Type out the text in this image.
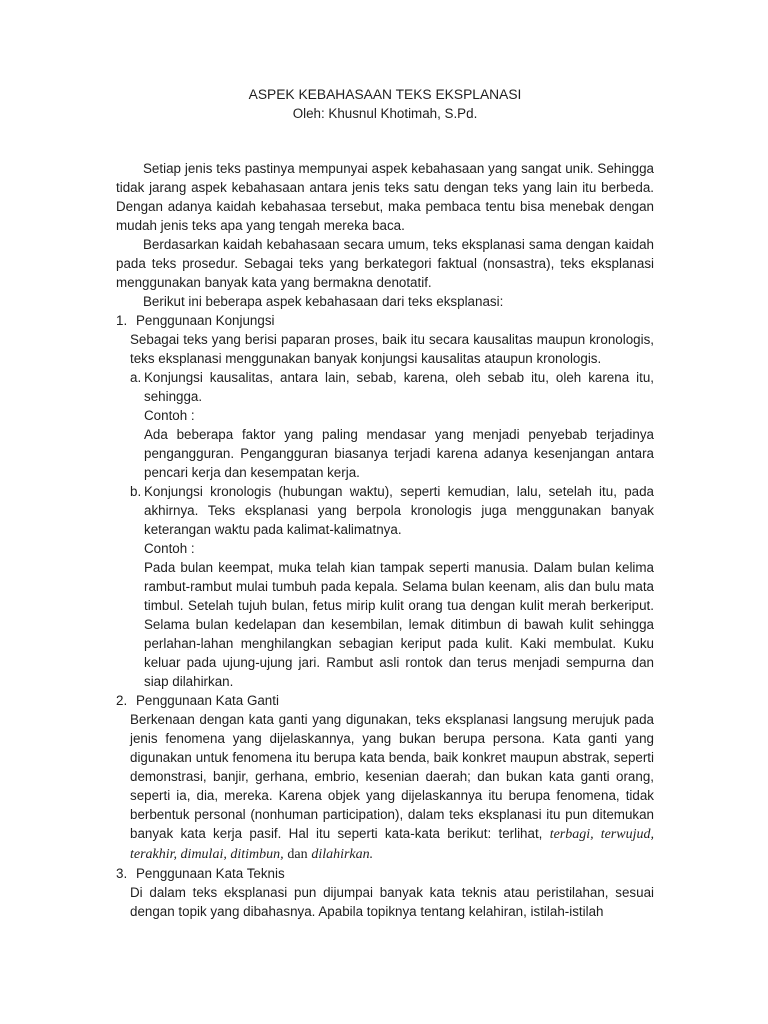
ASPEK KEBAHASAAN TEKS EKSPLANASI

Oleh: Khusnul Khotimah, S.Pd.

Setiap jenis teks pastinya mempunyai aspek kebahasaan yang sangat unik. Sehingga tidak jarang aspek kebahasaan antara jenis teks satu dengan teks yang lain itu berbeda. Dengan adanya kaidah kebahasaa tersebut, maka pembaca tentu bisa menebak dengan mudah jenis teks apa yang tengah mereka baca.

Berdasarkan kaidah kebahasaan secara umum, teks eksplanasi sama dengan kaidah pada teks prosedur. Sebagai teks yang berkategori faktual (nonsastra), teks eksplanasi menggunakan banyak kata yang bermakna denotatif.

Berikut ini beberapa aspek kebahasaan dari teks eksplanasi:

1. Penggunaan Konjungsi

Sebagai teks yang berisi paparan proses, baik itu secara kausalitas maupun kronologis, teks eksplanasi menggunakan banyak konjungsi kausalitas ataupun kronologis.

a. Konjungsi kausalitas, antara lain, sebab, karena, oleh sebab itu, oleh karena itu, sehingga.

Contoh :

Ada beberapa faktor yang paling mendasar yang menjadi penyebab terjadinya pengangguran. Pengangguran biasanya terjadi karena adanya kesenjangan antara pencari kerja dan kesempatan kerja.

b. Konjungsi kronologis (hubungan waktu), seperti kemudian, lalu, setelah itu, pada akhirnya. Teks eksplanasi yang berpola kronologis juga menggunakan banyak keterangan waktu pada kalimat-kalimatnya.

Contoh :

Pada bulan keempat, muka telah kian tampak seperti manusia. Dalam bulan kelima rambut-rambut mulai tumbuh pada kepala. Selama bulan keenam, alis dan bulu mata timbul. Setelah tujuh bulan, fetus mirip kulit orang tua dengan kulit merah berkeriput. Selama bulan kedelapan dan kesembilan, lemak ditimbun di bawah kulit sehingga perlahan-lahan menghilangkan sebagian keriput pada kulit. Kaki membulat. Kuku keluar pada ujung-ujung jari. Rambut asli rontok dan terus menjadi sempurna dan siap dilahirkan.

2. Penggunaan Kata Ganti

Berkenaan dengan kata ganti yang digunakan, teks eksplanasi langsung merujuk pada jenis fenomena yang dijelaskannya, yang bukan berupa persona. Kata ganti yang digunakan untuk fenomena itu berupa kata benda, baik konkret maupun abstrak, seperti demonstrasi, banjir, gerhana, embrio, kesenian daerah; dan bukan kata ganti orang, seperti ia, dia, mereka. Karena objek yang dijelaskannya itu berupa fenomena, tidak berbentuk personal (nonhuman participation), dalam teks eksplanasi itu pun ditemukan banyak kata kerja pasif. Hal itu seperti kata-kata berikut: terlihat, terbagi, terwujud, terakhir, dimulai, ditimbun, dan dilahirkan.

3. Penggunaan Kata Teknis

Di dalam teks eksplanasi pun dijumpai banyak kata teknis atau peristilahan, sesuai dengan topik yang dibahasnya. Apabila topiknya tentang kelahiran, istilah-istilah
